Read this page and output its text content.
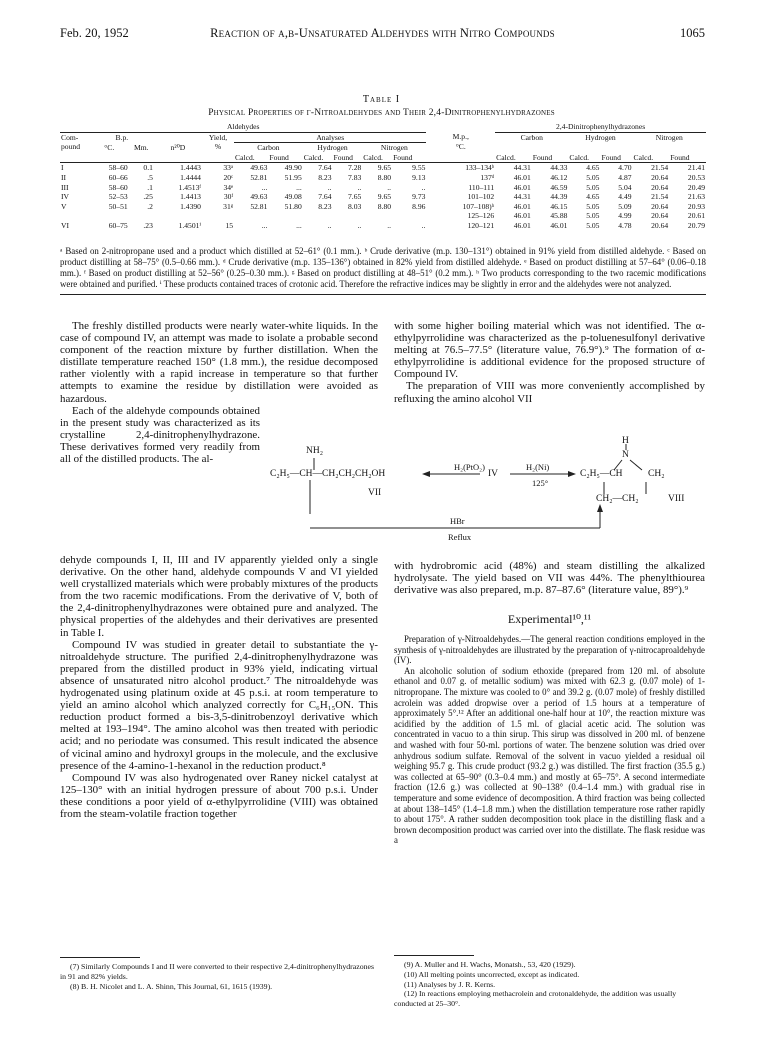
Feb. 20, 1952	Reaction of α,β-Unsaturated Aldehydes with Nitro Compounds	1065
Table I
Physical Properties of γ-Nitroaldehydes and Their 2,4-Dinitrophenylhydrazones
Aldehydes												2,4-Dinitrophenylhydrazones					
Com-
pound	B.p.			Yield,
%	Analyses						M.p.,
°C.	Carbon		Hydrogen		Nitrogen	
	°C.	Mm.	n²⁰D		Carbon		Hydrogen		Nitrogen								
					Calcd.	Found	Calcd.	Found	Calcd.	Found		Calcd.	Found	Calcd.	Found	Calcd.	Found

I	58–60	0.1	1.4443	33ᵃ	49.63	49.90	7.64	7.28	9.65	9.55	133–134ᵇ	44.31	44.33	4.65	4.70	21.54	21.41
II	60–66	.5	1.4444	20ᶜ	52.81	51.95	8.23	7.83	8.80	9.13	137ᵈ	46.01	46.12	5.05	4.87	20.64	20.53
III	58–60	.1	1.4513ᶠ	34ᵉ	...	...	..	..	..	..	110–111	46.01	46.59	5.05	5.04	20.64	20.49
IV	52–53	.25	1.4413	30ᶠ	49.63	49.08	7.64	7.65	9.65	9.73	101–102	44.31	44.39	4.65	4.49	21.54	21.63
V	50–51	.2	1.4390	31ᵍ	52.81	51.80	8.23	8.03	8.80	8.96	107–108)ʰ	46.01	46.15	5.05	5.09	20.64	20.93
											125–126	46.01	45.88	5.05	4.99	20.64	20.61
VI	60–75	.23	1.4501ⁱ	15	...	...	..	..	..	..	120–121	46.01	46.01	5.05	4.78	20.64	20.79
ᵃ Based on 2-nitropropane used and a product which distilled at 52–61° (0.1 mm.). ᵇ Crude derivative (m.p. 130–131°) obtained in 91% yield from distilled aldehyde. ᶜ Based on product distilling at 58–75° (0.5–0.66 mm.). ᵈ Crude derivative (m.p. 135–136°) obtained in 82% yield from distilled aldehyde. ᵉ Based on product distilling at 57–64° (0.06–0.18 mm.). ᶠ Based on product distilling at 52–56° (0.25–0.30 mm.). ᵍ Based on product distilling at 48–51° (0.2 mm.). ʰ Two products corresponding to the two racemic modifications were obtained and purified. ⁱ These products contained traces of crotonic acid. Therefore the refractive indices may be slightly in error and the aldehydes were not analyzed.

The freshly distilled products were nearly water-white liquids. In the case of compound IV, an attempt was made to isolate a probable second component of the reaction mixture by further distillation. When the distillate temperature reached 150° (1.8 mm.), the residue decomposed rather violently with a rapid increase in temperature so that further attempts to examine the residue by distillation were avoided as hazardous.

Each of the aldehyde compounds obtained in the present study was characterized as its crystalline 2,4-dinitrophenylhydrazone. These derivatives formed very readily from all of the distilled products. The al-

with some higher boiling material which was not identified. The α-ethylpyrrolidine was characterized as the p-toluenesulfonyl derivative melting at 76.5–77.5° (literature value, 76.9°).⁹ The formation of α-ethylpyrrolidine is additional evidence for the proposed structure of Compound IV.

The preparation of VIII was more conveniently accomplished by refluxing the amino alcohol VII

NH₂
C₂H₅—CH—CH₂CH₂CH₂OH
VII
H₂(PtO₂)
IV
H₂(Ni)
125°
C₂H₅—CH	CH₂
CH₂—CH₂	VIII
H
N
HBr
Reflux

dehyde compounds I, II, III and IV apparently yielded only a single derivative. On the other hand, aldehyde compounds V and VI yielded well crystallized materials which were probably mixtures of the products from the two racemic modifications. From the derivative of V, both of the 2,4-dinitrophenylhydrazones were obtained pure and analyzed. The physical properties of the aldehydes and their derivatives are presented in Table I.

Compound IV was studied in greater detail to substantiate the γ-nitroaldehyde structure. The purified 2,4-dinitrophenylhydrazone was prepared from the distilled product in 93% yield, indicating virtual absence of unsaturated nitro alcohol product.⁷ The nitroaldehyde was hydrogenated using platinum oxide at 45 p.s.i. at room temperature to yield an amino alcohol which analyzed correctly for C₆H₁₅ON. This reduction product formed a bis-3,5-dinitrobenzoyl derivative which melted at 193–194°. The amino alcohol was then treated with periodic acid; and no periodate was consumed. This result indicated the absence of vicinal amino and hydroxyl groups in the molecule, and the exclusive presence of the 4-amino-1-hexanol in the reduction product.⁸

Compound IV was also hydrogenated over Raney nickel catalyst at 125–130° with an initial hydrogen pressure of about 700 p.s.i. Under these conditions a poor yield of α-ethylpyrrolidine (VIII) was obtained from the steam-volatile fraction together

with hydrobromic acid (48%) and steam distilling the alkalized hydrolysate. The yield based on VII was 44%. The phenylthiourea derivative was also prepared, m.p. 87–87.6° (literature value, 89°).⁹

Experimental¹⁰,¹¹

Preparation of γ-Nitroaldehydes.—The general reaction conditions employed in the synthesis of γ-nitroaldehydes are illustrated by the preparation of γ-nitrocaproaldehyde (IV).

An alcoholic solution of sodium ethoxide (prepared from 120 ml. of absolute ethanol and 0.07 g. of metallic sodium) was mixed with 62.3 g. (0.07 mole) of 1-nitropropane. The mixture was cooled to 0° and 39.2 g. (0.07 mole) of freshly distilled acrolein was added dropwise over a period of 1.5 hours at a temperature of approximately 5°.¹² After an additional one-half hour at 10°, the reaction mixture was acidified by the addition of 1.5 ml. of glacial acetic acid. The solution was concentrated in vacuo to a thin sirup. This sirup was dissolved in 200 ml. of benzene and washed with four 50-ml. portions of water. The benzene solution was dried over anhydrous sodium sulfate. Removal of the solvent in vacuo yielded a residual oil weighing 95.7 g. This crude product (93.2 g.) was distilled. The first fraction (35.5 g.) was collected at 65–90° (0.3–0.4 mm.) and mostly at 65–75°. A second intermediate fraction (12.6 g.) was collected at 90–138° (0.4–1.4 mm.) with gradual rise in temperature and some evidence of decomposition. A third fraction was being collected at about 138–145° (1.4–1.8 mm.) when the distillation temperature rose rather rapidly to about 175°. A rather sudden decomposition took place in the distilling flask and a brown decomposition product was carried over into the distillate. The flask residue was a

(7) Similarly Compounds I and II were converted to their respective 2,4-dinitrophenylhydrazones in 91 and 82% yields.
(8) B. H. Nicolet and L. A. Shinn, This Journal, 61, 1615 (1939).
(9) A. Muller and H. Wachs, Monatsh., 53, 420 (1929).
(10) All melting points uncorrected, except as indicated.
(11) Analyses by J. R. Kerns.
(12) In reactions employing methacrolein and crotonaldehyde, the addition was usually conducted at 25–30°.
